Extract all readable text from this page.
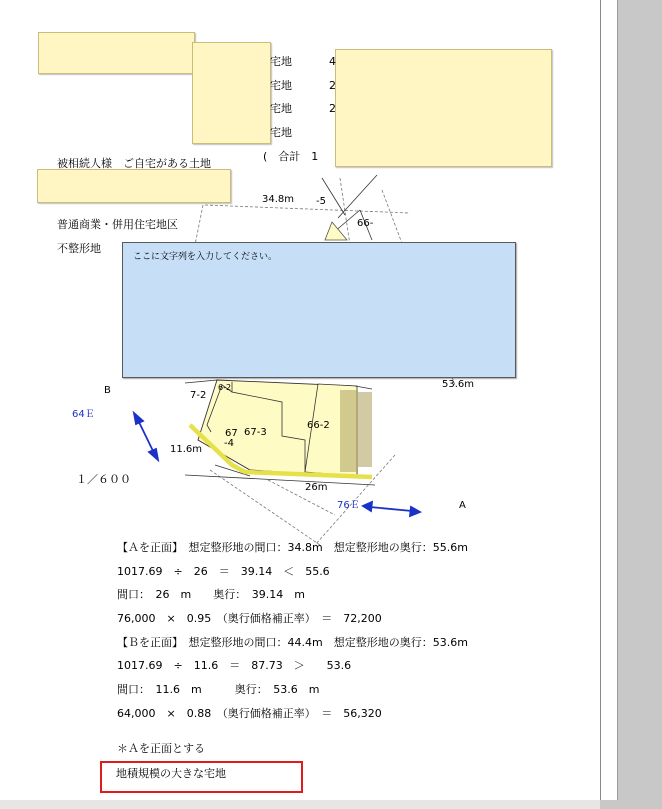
宅地
宅地
宅地
宅地
4
2
2
(　合計　1
被相続人様　ご自宅がある土地
普通商業・併用住宅地区
不整形地
34.8m -5
66-
53.6m
B
64Ｅ
6-2
7-2
67-3
66-2
67
-4
11.6m
26m
76Ｅ	A
１／６００
ここに文字列を入力してください。
【Ａを正面】　想定整形地の間口：34.8m　想定整形地の奥行：55.6m
1017.69　÷　26　＝　39.14　＜　55.6
間口：　26　m　　奥行：　39.14　m
76,000　×　0.95　（奥行価格補正率）　＝　72,200
【Ｂを正面】　想定整形地の間口：44.4m　想定整形地の奥行：53.6m
1017.69　÷　11.6　＝　87.73　＞　　53.6
間口：　11.6　m　　　奥行：　53.6　m
64,000　×　0.88　（奥行価格補正率）　＝　56,320
＊Ａを正面とする
地積規模の大きな宅地
